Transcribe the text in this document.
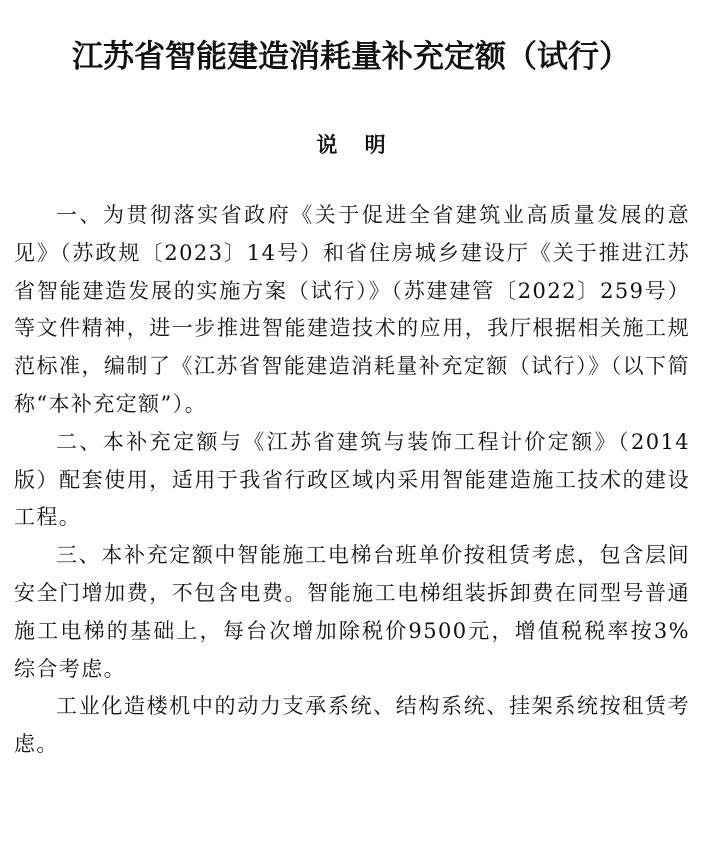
江苏省智能建造消耗量补充定额（试行）
说 明

一、为贯彻落实省政府《关于促进全省建筑业高质量发展的意见》（苏政规〔2023〕14号）和省住房城乡建设厅《关于推进江苏省智能建造发展的实施方案（试行）》（苏建建管〔2022〕259号）等文件精神，进一步推进智能建造技术的应用，我厅根据相关施工规范标准，编制了《江苏省智能建造消耗量补充定额（试行）》（以下简称“本补充定额”）。

二、本补充定额与《江苏省建筑与装饰工程计价定额》（2014版）配套使用，适用于我省行政区域内采用智能建造施工技术的建设工程。

三、本补充定额中智能施工电梯台班单价按租赁考虑，包含层间安全门增加费，不包含电费。智能施工电梯组装拆卸费在同型号普通施工电梯的基础上，每台次增加除税价9500元，增值税税率按3%综合考虑。

工业化造楼机中的动力支承系统、结构系统、挂架系统按租赁考虑。
